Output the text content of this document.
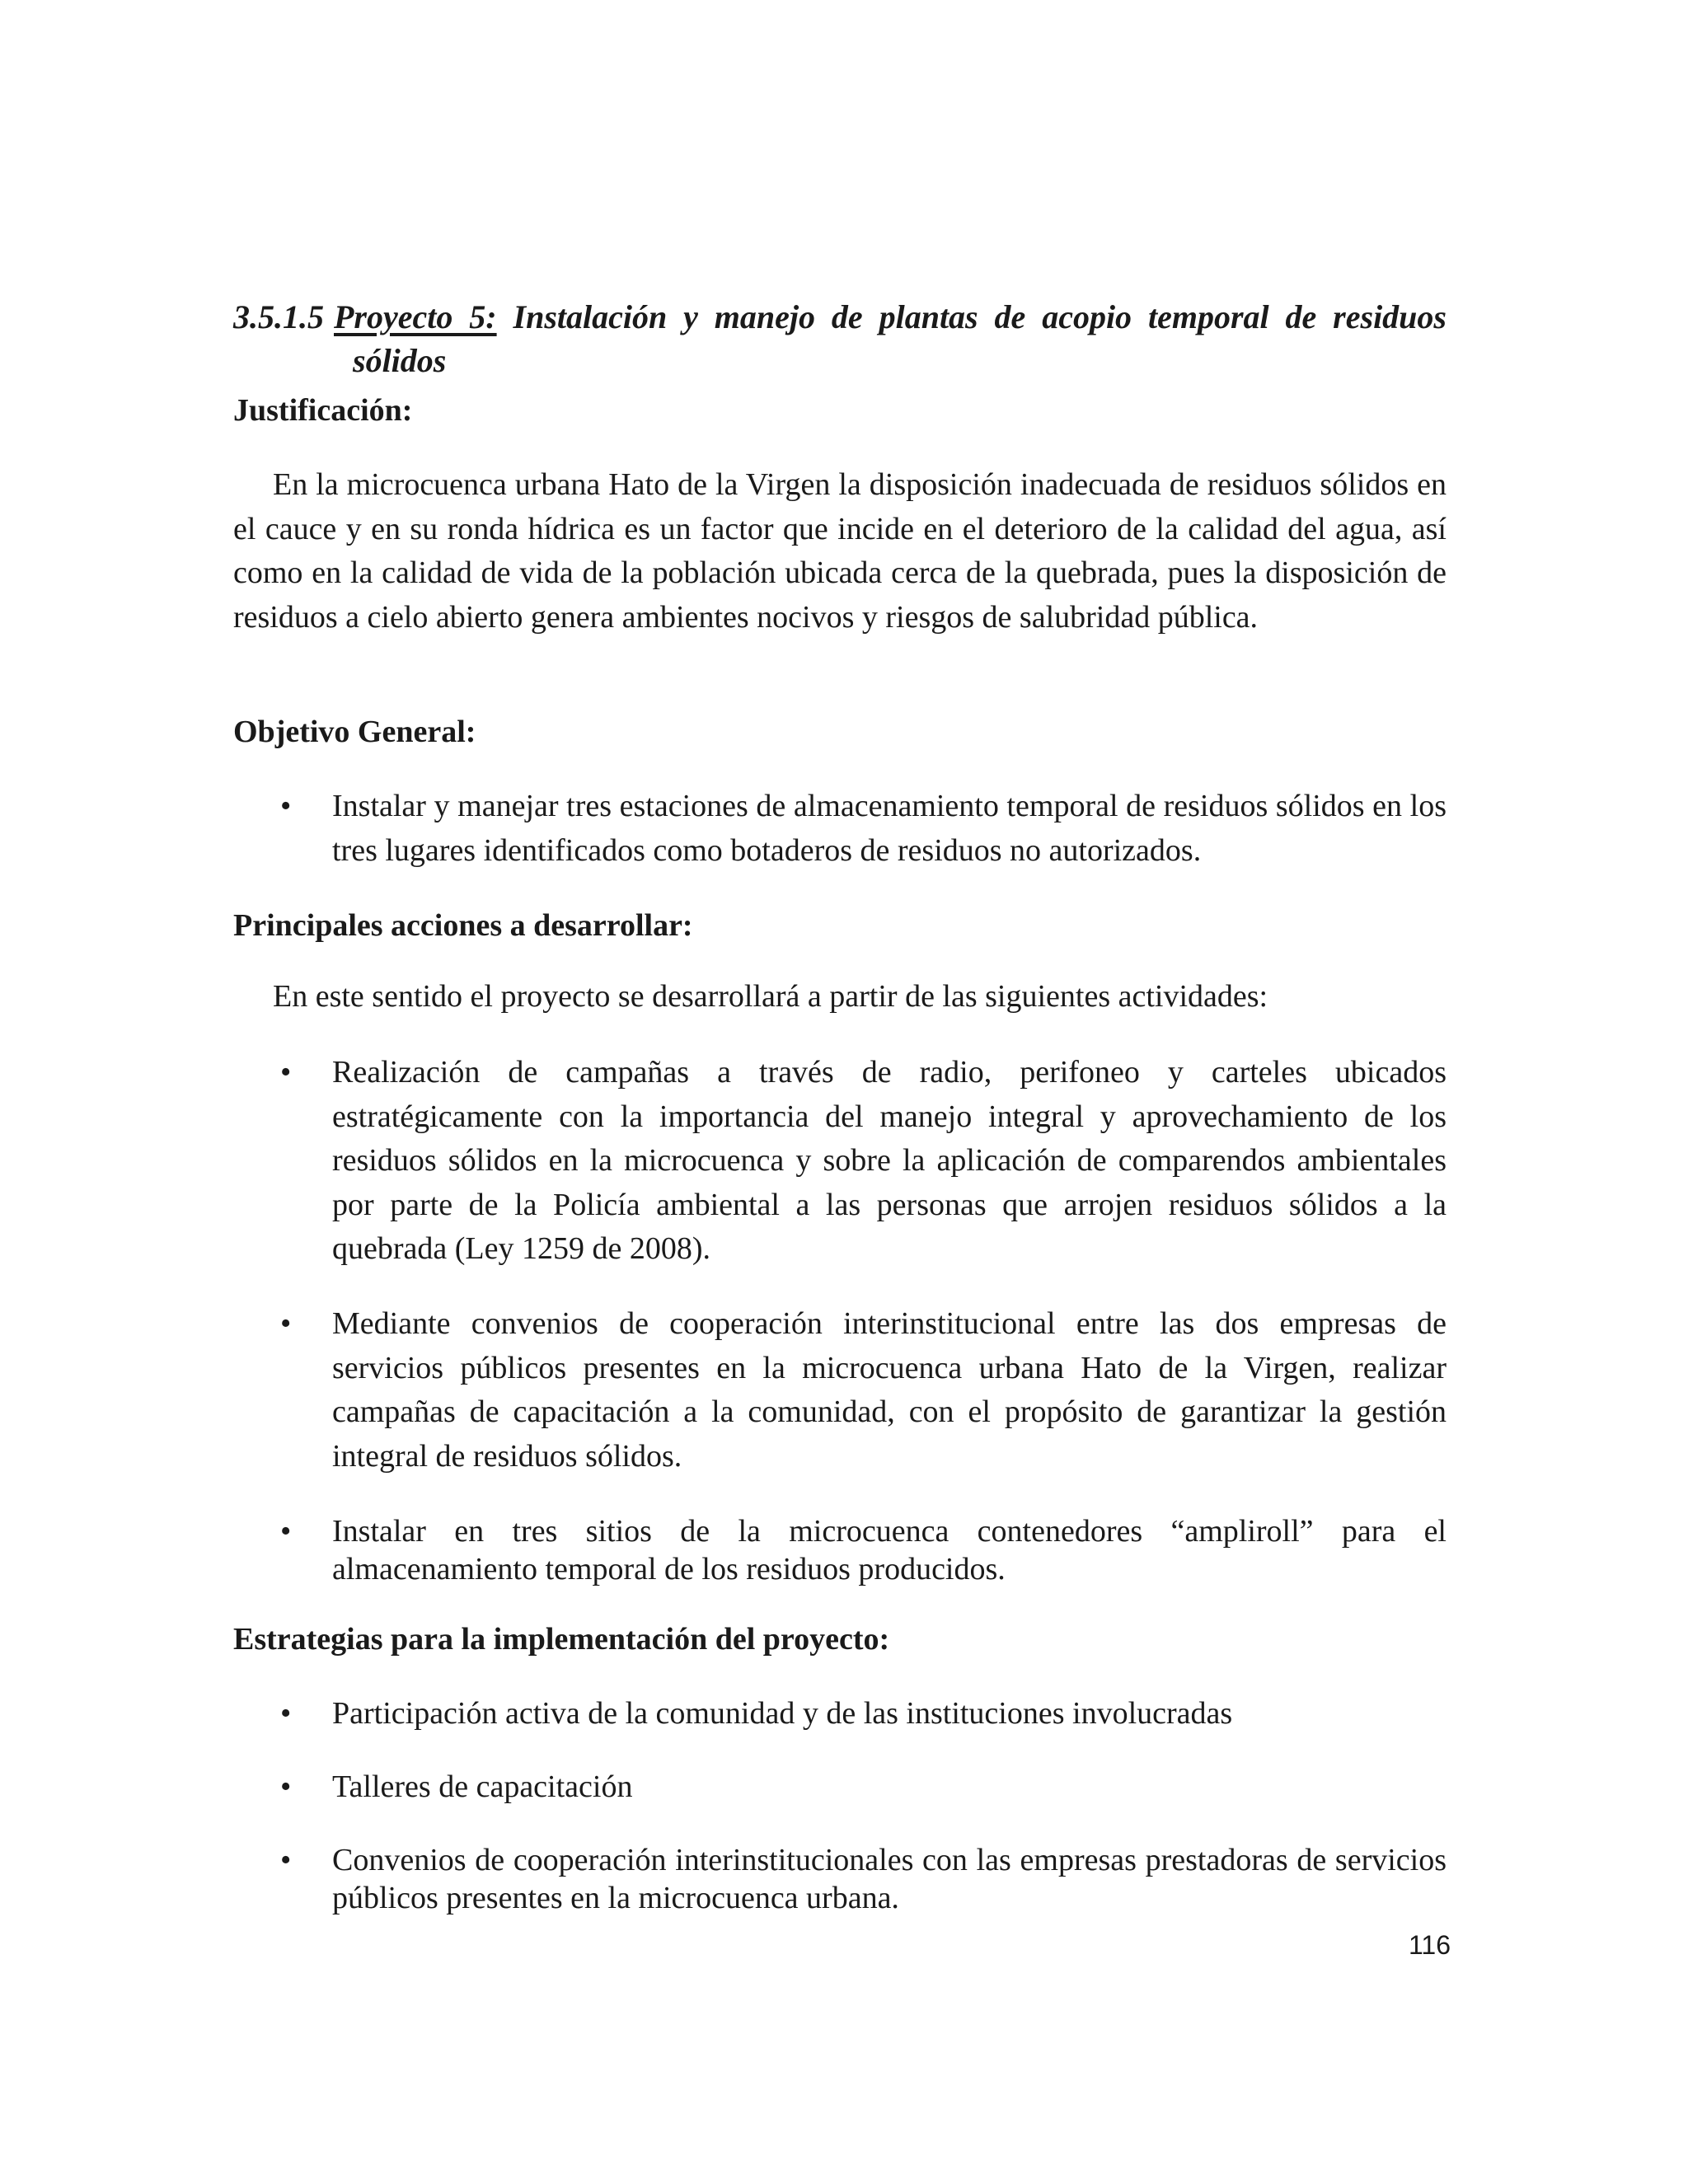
3.5.1.5 Proyecto 5: Instalación y manejo de plantas de acopio temporal de residuos
sólidos
Justificación:

En la microcuenca urbana Hato de la Virgen la disposición inadecuada de residuos sólidos en el cauce y en su ronda hídrica es un factor que incide en el deterioro de la calidad del agua, así como en la calidad de vida de la población ubicada cerca de la quebrada, pues la disposición de residuos a cielo abierto genera ambientes nocivos y riesgos de salubridad pública.

Objetivo General:
• Instalar y manejar tres estaciones de almacenamiento temporal de residuos sólidos en los tres lugares identificados como botaderos de residuos no autorizados.
Principales acciones a desarrollar:
En este sentido el proyecto se desarrollará a partir de las siguientes actividades:
• Realización de campañas a través de radio, perifoneo y carteles ubicados estratégicamente con la importancia del manejo integral y aprovechamiento de los residuos sólidos en la microcuenca y sobre la aplicación de comparendos ambientales por parte de la Policía ambiental a las personas que arrojen residuos sólidos a la quebrada (Ley 1259 de 2008).
• Mediante convenios de cooperación interinstitucional entre las dos empresas de servicios públicos presentes en la microcuenca urbana Hato de la Virgen, realizar campañas de capacitación a la comunidad, con el propósito de garantizar la gestión integral de residuos sólidos.
• Instalar en tres sitios de la microcuenca contenedores “ampliroll” para el almacenamiento temporal de los residuos producidos.
Estrategias para la implementación del proyecto:
• Participación activa de la comunidad y de las instituciones involucradas
• Talleres de capacitación
• Convenios de cooperación interinstitucionales con las empresas prestadoras de servicios públicos presentes en la microcuenca urbana.
116
